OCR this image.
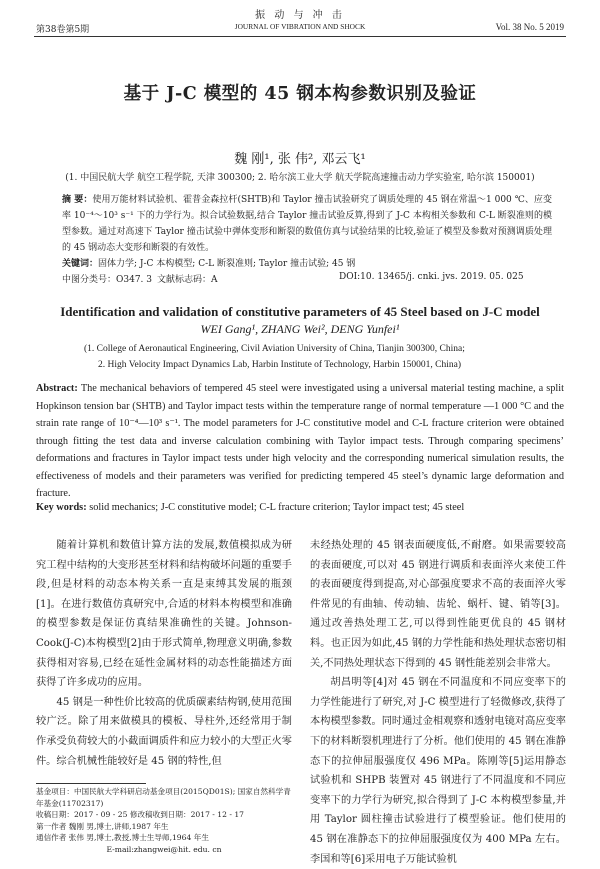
振 动 与 冲 击
第38卷第5期	JOURNAL OF VIBRATION AND SHOCK	Vol. 38 No. 5 2019
基于 J-C 模型的 45 钢本构参数识别及验证
魏 刚¹, 张 伟², 邓云飞¹
(1. 中国民航大学 航空工程学院, 天津 300300; 2. 哈尔滨工业大学 航天学院高速撞击动力学实验室, 哈尔滨 150001)
摘 要：使用万能材料试验机、霍普金森拉杆(SHTB)和 Taylor 撞击试验研究了调质处理的 45 钢在常温～1 000 ℃、应变率 10⁻⁴～10³ s⁻¹ 下的力学行为。拟合试验数据,结合 Taylor 撞击试验反算,得到了 J-C 本构相关参数和 C-L 断裂准则的模型参数。通过对高速下 Taylor 撞击试验中弹体变形和断裂的数值仿真与试验结果的比较,验证了模型及参数对预测调质处理的 45 钢动态大变形和断裂的有效性。
关键词：固体力学; J-C 本构模型; C-L 断裂准则; Taylor 撞击试验; 45 钢
中图分类号：O347. 3 文献标志码：A	DOI:10. 13465/j. cnki. jvs. 2019. 05. 025
Identification and validation of constitutive parameters of 45 Steel based on J-C model
WEI Gang¹, ZHANG Wei², DENG Yunfei¹
(1. College of Aeronautical Engineering, Civil Aviation University of China, Tianjin 300300, China;
2. High Velocity Impact Dynamics Lab, Harbin Institute of Technology, Harbin 150001, China)
Abstract: The mechanical behaviors of tempered 45 steel were investigated using a universal material testing machine, a split Hopkinson tension bar (SHTB) and Taylor impact tests within the temperature range of normal temperature —1 000 °C and the strain rate range of 10⁻⁴—10³ s⁻¹. The model parameters for J-C constitutive model and C-L fracture criterion were obtained through fitting the test data and inverse calculation combining with Taylor impact tests. Through comparing specimens’ deformations and fractures in Taylor impact tests under high velocity and the corresponding numerical simulation results, the effectiveness of models and their parameters was verified for predicting tempered 45 steel’s dynamic large deformation and fracture.
Key words: solid mechanics; J-C constitutive model; C-L fracture criterion; Taylor impact test; 45 steel

随着计算机和数值计算方法的发展,数值模拟成为研究工程中结构的大变形甚至材料和结构破坏问题的重要手段,但是材料的动态本构关系一直是束缚其发展的瓶颈[1]。在进行数值仿真研究中,合适的材料本构模型和准确的模型参数是保证仿真结果准确性的关键。Johnson-Cook(J-C)本构模型[2]由于形式简单,物理意义明确,参数获得相对容易,已经在延性金属材料的动态性能描述方面获得了许多成功的应用。

45 钢是一种性价比较高的优质碳素结构钢,使用范围较广泛。除了用来做模具的模板、导柱外,还经常用于制作承受负荷较大的小截面调质件和应力较小的大型正火零件。综合机械性能较好是 45 钢的特性,但

未经热处理的 45 钢表面硬度低,不耐磨。如果需要较高的表面硬度,可以对 45 钢进行调质和表面淬火来使工件的表面硬度得到提高,对心部强度要求不高的表面淬火零件常见的有曲轴、传动轴、齿轮、蜗杆、键、销等[3]。通过改善热处理工艺,可以得到性能更优良的 45 钢材料。也正因为如此,45 钢的力学性能和热处理状态密切相关,不同热处理状态下得到的 45 钢性能差别会非常大。

胡昌明等[4]对 45 钢在不同温度和不同应变率下的力学性能进行了研究,对 J-C 模型进行了轻微修改,获得了本构模型参数。同时通过金相观察和透射电镜对高应变率下的材料断裂机理进行了分析。他们使用的 45 钢在准静态下的拉伸屈服强度仅 496 MPa。陈刚等[5]运用静态试验机和 SHPB 装置对 45 钢进行了不同温度和不同应变率下的力学行为研究,拟合得到了 J-C 本构模型参量,并用 Taylor 圆柱撞击试验进行了模型验证。他们使用的 45 钢在准静态下的拉伸屈服强度仅为 400 MPa 左右。李国和等[6]采用电子万能试验机

基金项目：中国民航大学科研启动基金项目(2015QD01S); 国家自然科学青年基金(11702317)

收稿日期：2017 - 09 - 25 修改稿收到日期：2017 - 12 - 17

第一作者 魏刚 男,博士,讲师,1987 年生

通信作者 张伟 男,博士,教授,博士生导师,1964 年生

E-mail:zhangwei@hit. edu. cn
